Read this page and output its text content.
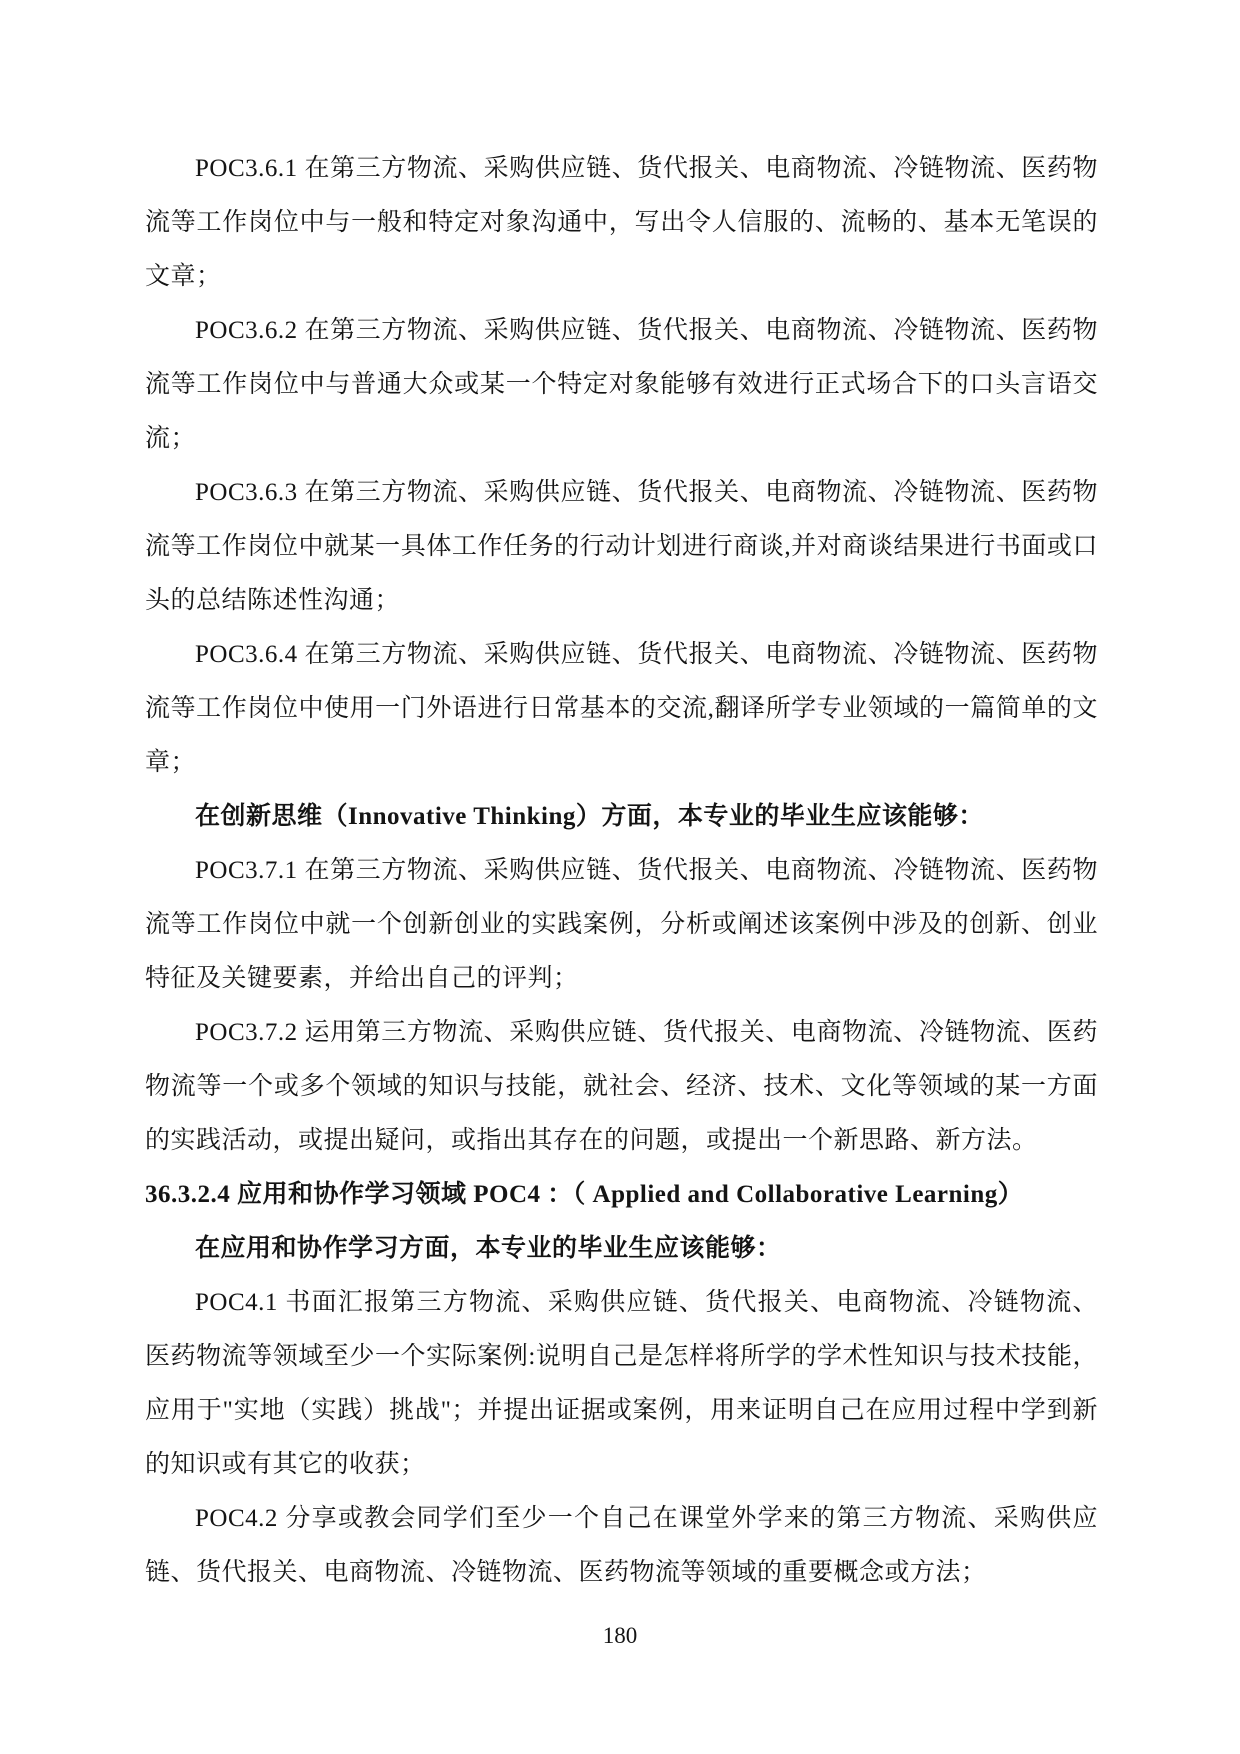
POC3.6.1 在第三方物流、采购供应链、货代报关、电商物流、冷链物流、医药物流等工作岗位中与一般和特定对象沟通中，写出令人信服的、流畅的、基本无笔误的文章；

POC3.6.2 在第三方物流、采购供应链、货代报关、电商物流、冷链物流、医药物流等工作岗位中与普通大众或某一个特定对象能够有效进行正式场合下的口头言语交流；

POC3.6.3 在第三方物流、采购供应链、货代报关、电商物流、冷链物流、医药物流等工作岗位中就某一具体工作任务的行动计划进行商谈,并对商谈结果进行书面或口头的总结陈述性沟通；

POC3.6.4 在第三方物流、采购供应链、货代报关、电商物流、冷链物流、医药物流等工作岗位中使用一门外语进行日常基本的交流,翻译所学专业领域的一篇简单的文章；

在创新思维（Innovative Thinking）方面，本专业的毕业生应该能够：

POC3.7.1 在第三方物流、采购供应链、货代报关、电商物流、冷链物流、医药物流等工作岗位中就一个创新创业的实践案例，分析或阐述该案例中涉及的创新、创业特征及关键要素，并给出自己的评判；

POC3.7.2 运用第三方物流、采购供应链、货代报关、电商物流、冷链物流、医药物流等一个或多个领域的知识与技能，就社会、经济、技术、文化等领域的某一方面的实践活动，或提出疑问，或指出其存在的问题，或提出一个新思路、新方法。

36.3.2.4 应用和协作学习领域 POC4 ：（ Applied and Collaborative Learning）

在应用和协作学习方面，本专业的毕业生应该能够：

POC4.1 书面汇报第三方物流、采购供应链、货代报关、电商物流、冷链物流、医药物流等领域至少一个实际案例:说明自己是怎样将所学的学术性知识与技术技能，应用于"实地（实践）挑战"；并提出证据或案例，用来证明自己在应用过程中学到新的知识或有其它的收获；

POC4.2 分享或教会同学们至少一个自己在课堂外学来的第三方物流、采购供应链、货代报关、电商物流、冷链物流、医药物流等领域的重要概念或方法；

180
